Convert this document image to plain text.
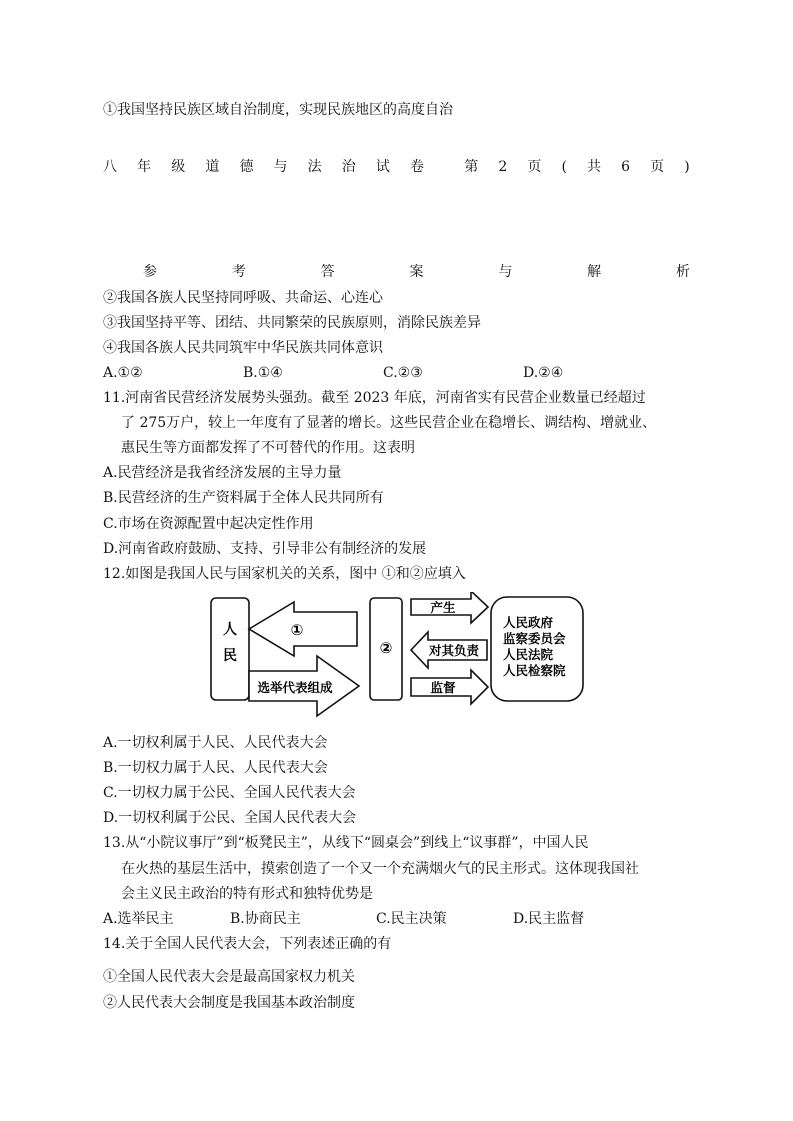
①我国坚持民族区域自治制度，实现民族地区的高度自治
八 年 级 道 德 与 法 治 试 卷	第 2 页 ( 共 6 页 )
参	考	答	案	与	解	析
②我国各族人民坚持同呼吸、共命运、心连心
③我国坚持平等、团结、共同繁荣的民族原则，消除民族差异
④我国各族人民共同筑牢中华民族共同体意识
A.①②	B.①④	C.②③	D.②④
11.河南省民营经济发展势头强劲。截至 2023 年底，河南省实有民营企业数量已经超过
了 275万户，较上一年度有了显著的增长。这些民营企业在稳增长、调结构、增就业、
惠民生等方面都发挥了不可替代的作用。这表明
A.民营经济是我省经济发展的主导力量
B.民营经济的生产资料属于全体人民共同所有
C.市场在资源配置中起决定性作用
D.河南省政府鼓励、支持、引导非公有制经济的发展
12.如图是我国人民与国家机关的关系，图中 ①和②应填入
人
民
①
选举代表组成
②
产生
对其负责
监督
人民政府
监察委员会
人民法院
人民检察院
A.一切权利属于人民、人民代表大会
B.一切权力属于人民、人民代表大会
C.一切权力属于公民、全国人民代表大会
D.一切权利属于公民、全国人民代表大会
13.从“小院议事厅”到“板凳民主”，从线下“圆桌会”到线上“议事群”，中国人民
在火热的基层生活中，摸索创造了一个又一个充满烟火气的民主形式。这体现我国社
会主义民主政治的特有形式和独特优势是
A.选举民主	B.协商民主	C.民主决策	D.民主监督
14.关于全国人民代表大会，下列表述正确的有
①全国人民代表大会是最高国家权力机关
②人民代表大会制度是我国基本政治制度
